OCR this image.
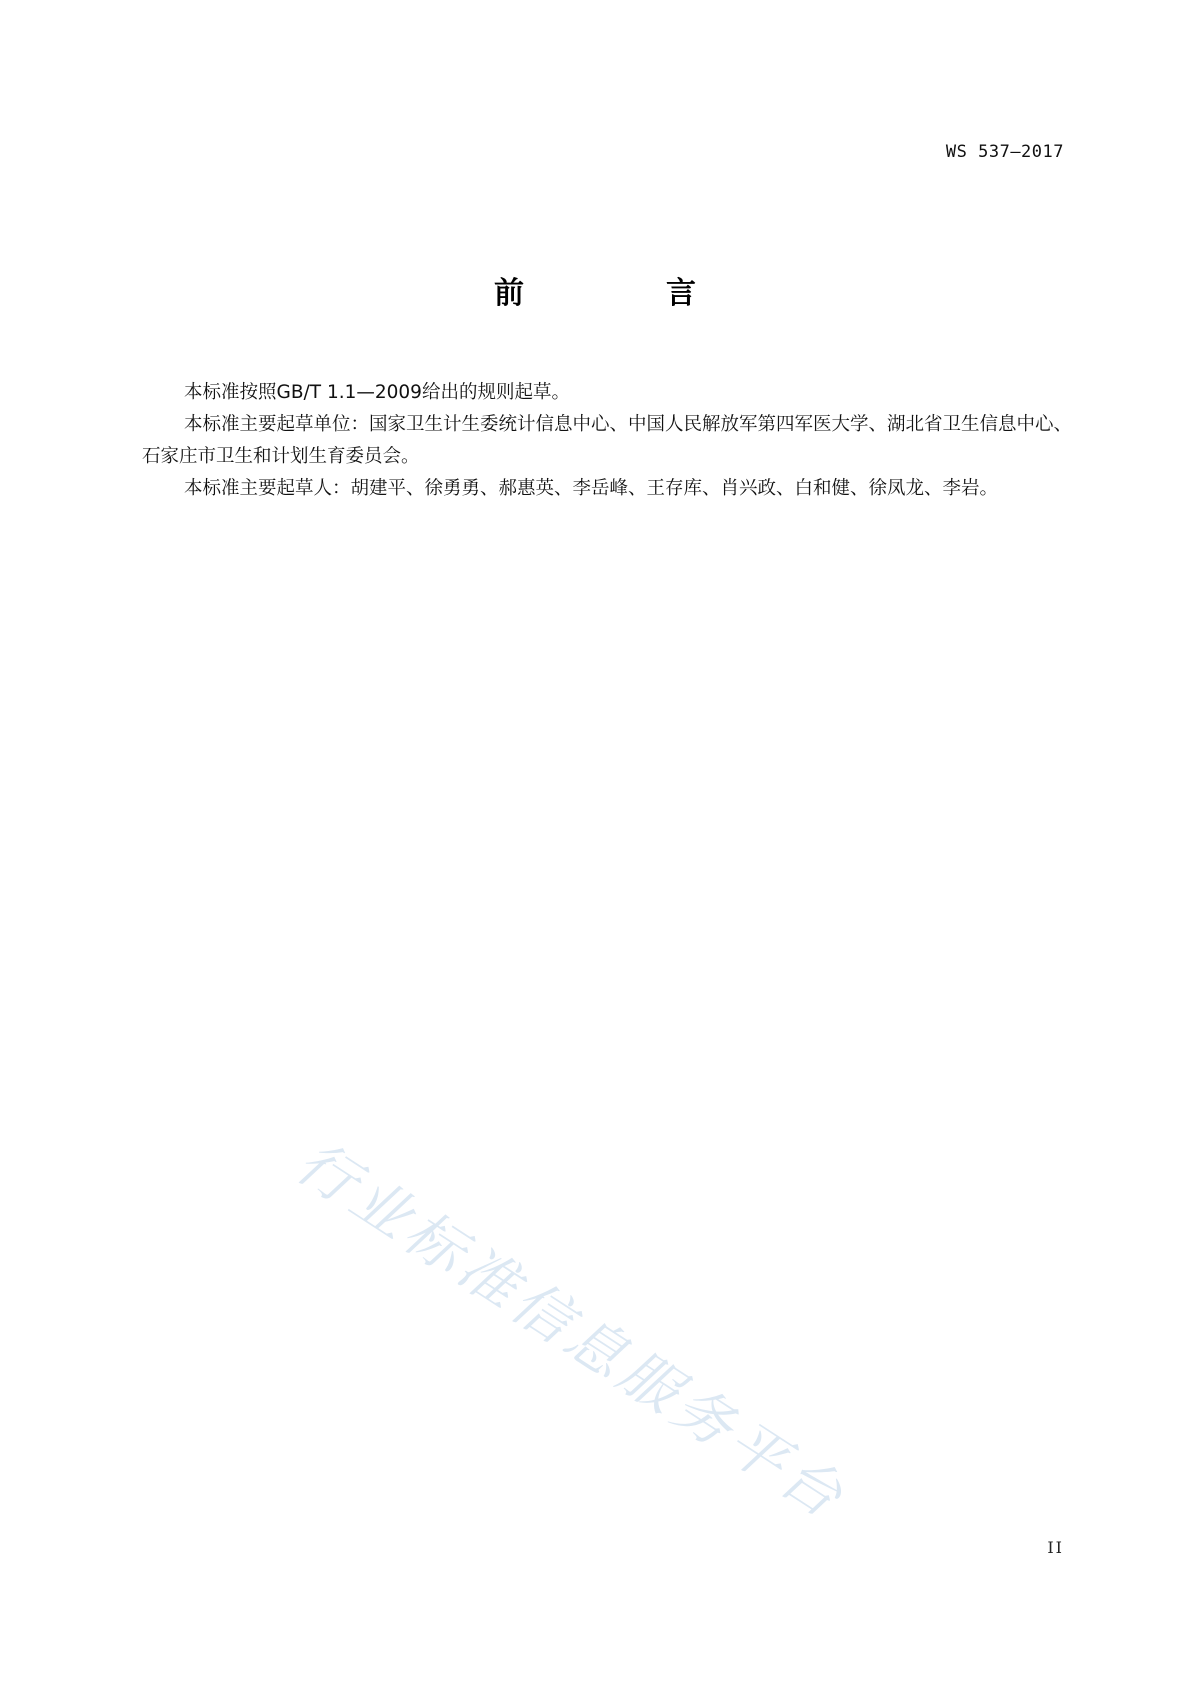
WS 537—2017
前　言

本标准按照GB/T 1.1—2009给出的规则起草。

本标准主要起草单位：国家卫生计生委统计信息中心、中国人民解放军第四军医大学、湖北省卫生信息中心、石家庄市卫生和计划生育委员会。

本标准主要起草人：胡建平、徐勇勇、郝惠英、李岳峰、王存库、肖兴政、白和健、徐凤龙、李岩。

行业标准信息服务平台
II
